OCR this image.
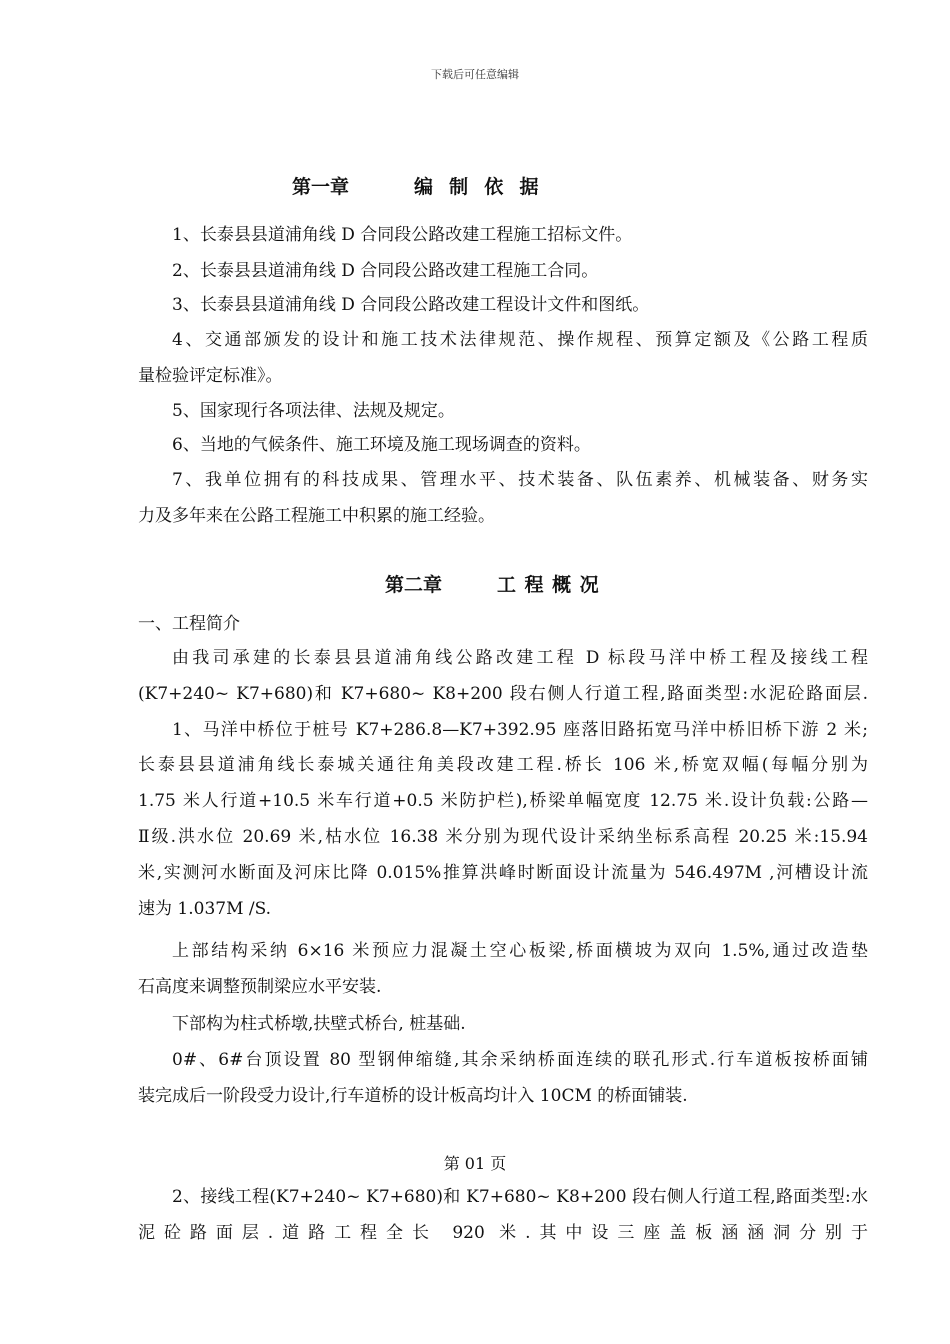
下载后可任意编辑
第一章	编制依据
1、长泰县县道浦角线 D 合同段公路改建工程施工招标文件。
2、长泰县县道浦角线 D 合同段公路改建工程施工合同。
3、长泰县县道浦角线 D 合同段公路改建工程设计文件和图纸。
4、交通部颁发的设计和施工技术法律规范、操作规程、预算定额及《公路工程质
量检验评定标准》。
5、国家现行各项法律、法规及规定。
6、当地的气候条件、施工环境及施工现场调查的资料。
7、我单位拥有的科技成果、管理水平、技术装备、队伍素养、机械装备、财务实
力及多年来在公路工程施工中积累的施工经验。
第二章	工程概况
一、工程简介
由我司承建的长泰县县道浦角线公路改建工程 D 标段马洋中桥工程及接线工程
(K7+240~ K7+680)和 K7+680~ K8+200 段右侧人行道工程,路面类型:水泥砼路面层.
1、马洋中桥位于桩号 K7+286.8—K7+392.95 座落旧路拓宽马洋中桥旧桥下游 2 米;
长泰县县道浦角线长泰城关通往角美段改建工程.桥长 106 米,桥宽双幅(每幅分别为
1.75 米人行道+10.5 米车行道+0.5 米防护栏),桥梁单幅宽度 12.75 米.设计负载:公路—
Ⅱ级.洪水位 20.69 米,枯水位 16.38 米分别为现代设计采纳坐标系高程 20.25 米:15.94
米,实测河水断面及河床比降 0.015%推算洪峰时断面设计流量为 546.497M ,河槽设计流
速为 1.037M /S.
上部结构采纳 6×16 米预应力混凝土空心板梁,桥面横坡为双向 1.5%,通过改造垫
石高度来调整预制梁应水平安装.
下部构为柱式桥墩,扶壁式桥台, 桩基础.
0#、6#台顶设置 80 型钢伸缩缝,其余采纳桥面连续的联孔形式.行车道板按桥面铺
装完成后一阶段受力设计,行车道桥的设计板高均计入 10CM 的桥面铺装.
第 01 页
2、接线工程(K7+240~ K7+680)和 K7+680~ K8+200 段右侧人行道工程,路面类型:水
泥砼路面层.道路工程全长 920 米.其中设三座盖板涵涵洞分别于
